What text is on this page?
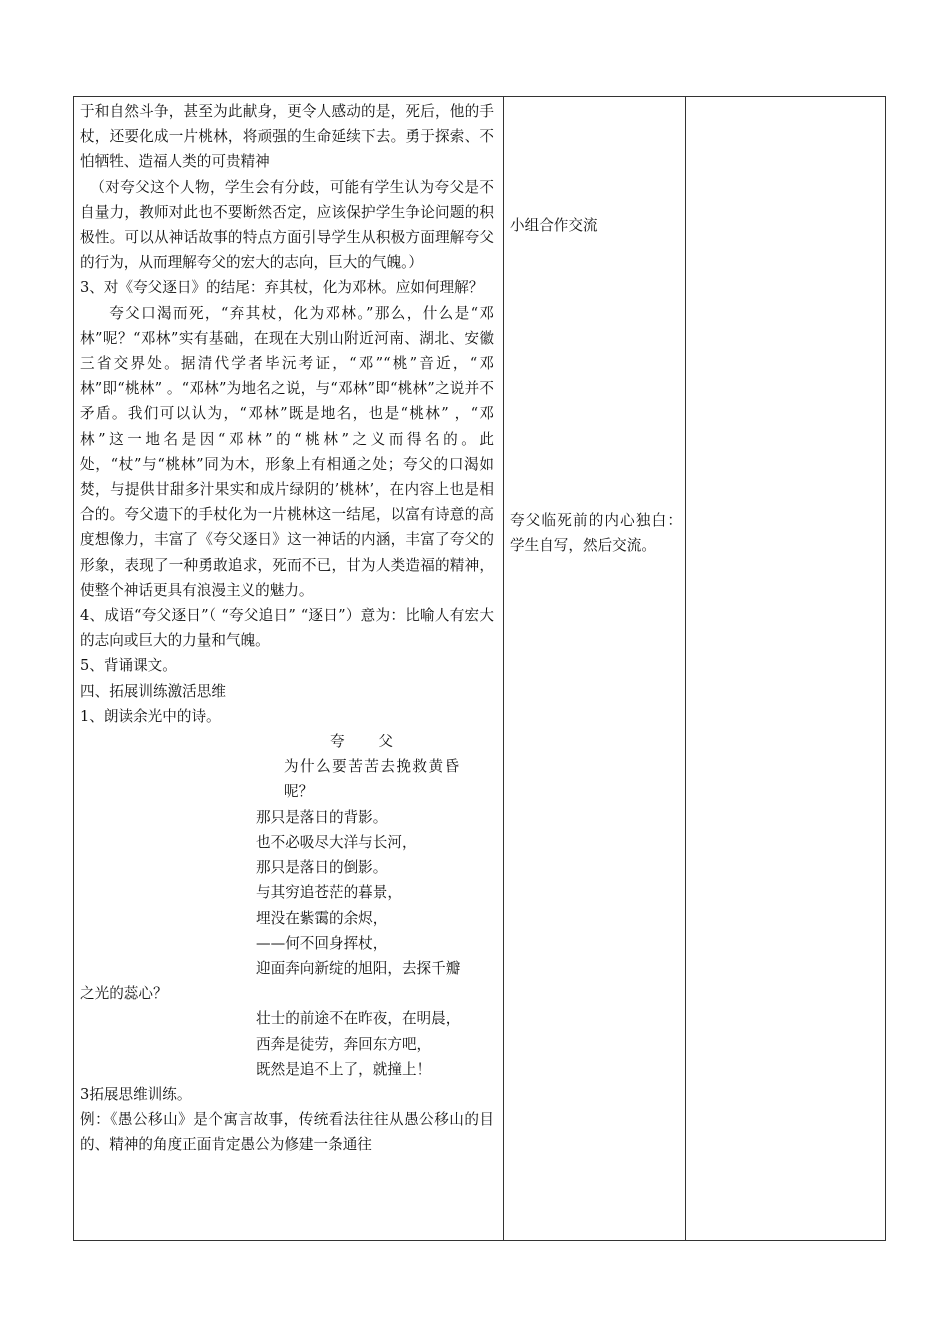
于和自然斗争，甚至为此献身，更令人感动的是，死后，他的手杖，还要化成一片桃林，将顽强的生命延续下去。勇于探索、不怕牺牲、造福人类的可贵精神

（对夸父这个人物，学生会有分歧，可能有学生认为夸父是不自量力，教师对此也不要断然否定，应该保护学生争论问题的积极性。可以从神话故事的特点方面引导学生从积极方面理解夸父的行为，从而理解夸父的宏大的志向，巨大的气魄。）

3、对《夸父逐日》的结尾：弃其杖，化为邓林。应如何理解？

夸父口渴而死，“弃其杖，化为邓林。”那么，什么是“邓林”呢？“邓林”实有基础，在现在大别山附近河南、湖北、安徽三省交界处。据清代学者毕沅考证，“邓”“桃”音近，“邓林”即“桃林” 。“邓林”为地名之说，与“邓林”即“桃林”之说并不矛盾。我们可以认为，“邓林”既是地名，也是“桃林” ，“邓林”这一地名是因“邓林”的“桃林”之义而得名的。此处，“杖”与“桃林”同为木，形象上有相通之处；夸父的口渴如焚，与提供甘甜多汁果实和成片绿阴的’桃林’，在内容上也是相合的。夸父遗下的手杖化为一片桃林这一结尾，以富有诗意的高度想像力，丰富了《夸父逐日》这一神话的内涵，丰富了夸父的形象，表现了一种勇敢追求，死而不已，甘为人类造福的精神，使整个神话更具有浪漫主义的魅力。

4、成语“夸父逐日”（ “夸父追日” “逐日”）意为：比喻人有宏大的志向或巨大的力量和气魄。

5、背诵课文。

四、拓展训练激活思维

1、朗读余光中的诗。

夸 父

为什么要苦苦去挽救黄昏

呢？

那只是落日的背影。

也不必吸尽大洋与长河，

那只是落日的倒影。

与其穷追苍茫的暮景，

埋没在紫霭的余烬，

——何不回身挥杖，

迎面奔向新绽的旭阳，去探千瓣

之光的蕊心？

壮士的前途不在昨夜，在明晨，

西奔是徒劳，奔回东方吧，

既然是追不上了，就撞上！

3拓展思维训练。

例：《愚公移山》是个寓言故事，传统看法往往从愚公移山的目的、精神的角度正面肯定愚公为修建一条通往

小组合作交流

夸父临死前的内心独白：学生自写，然后交流。
